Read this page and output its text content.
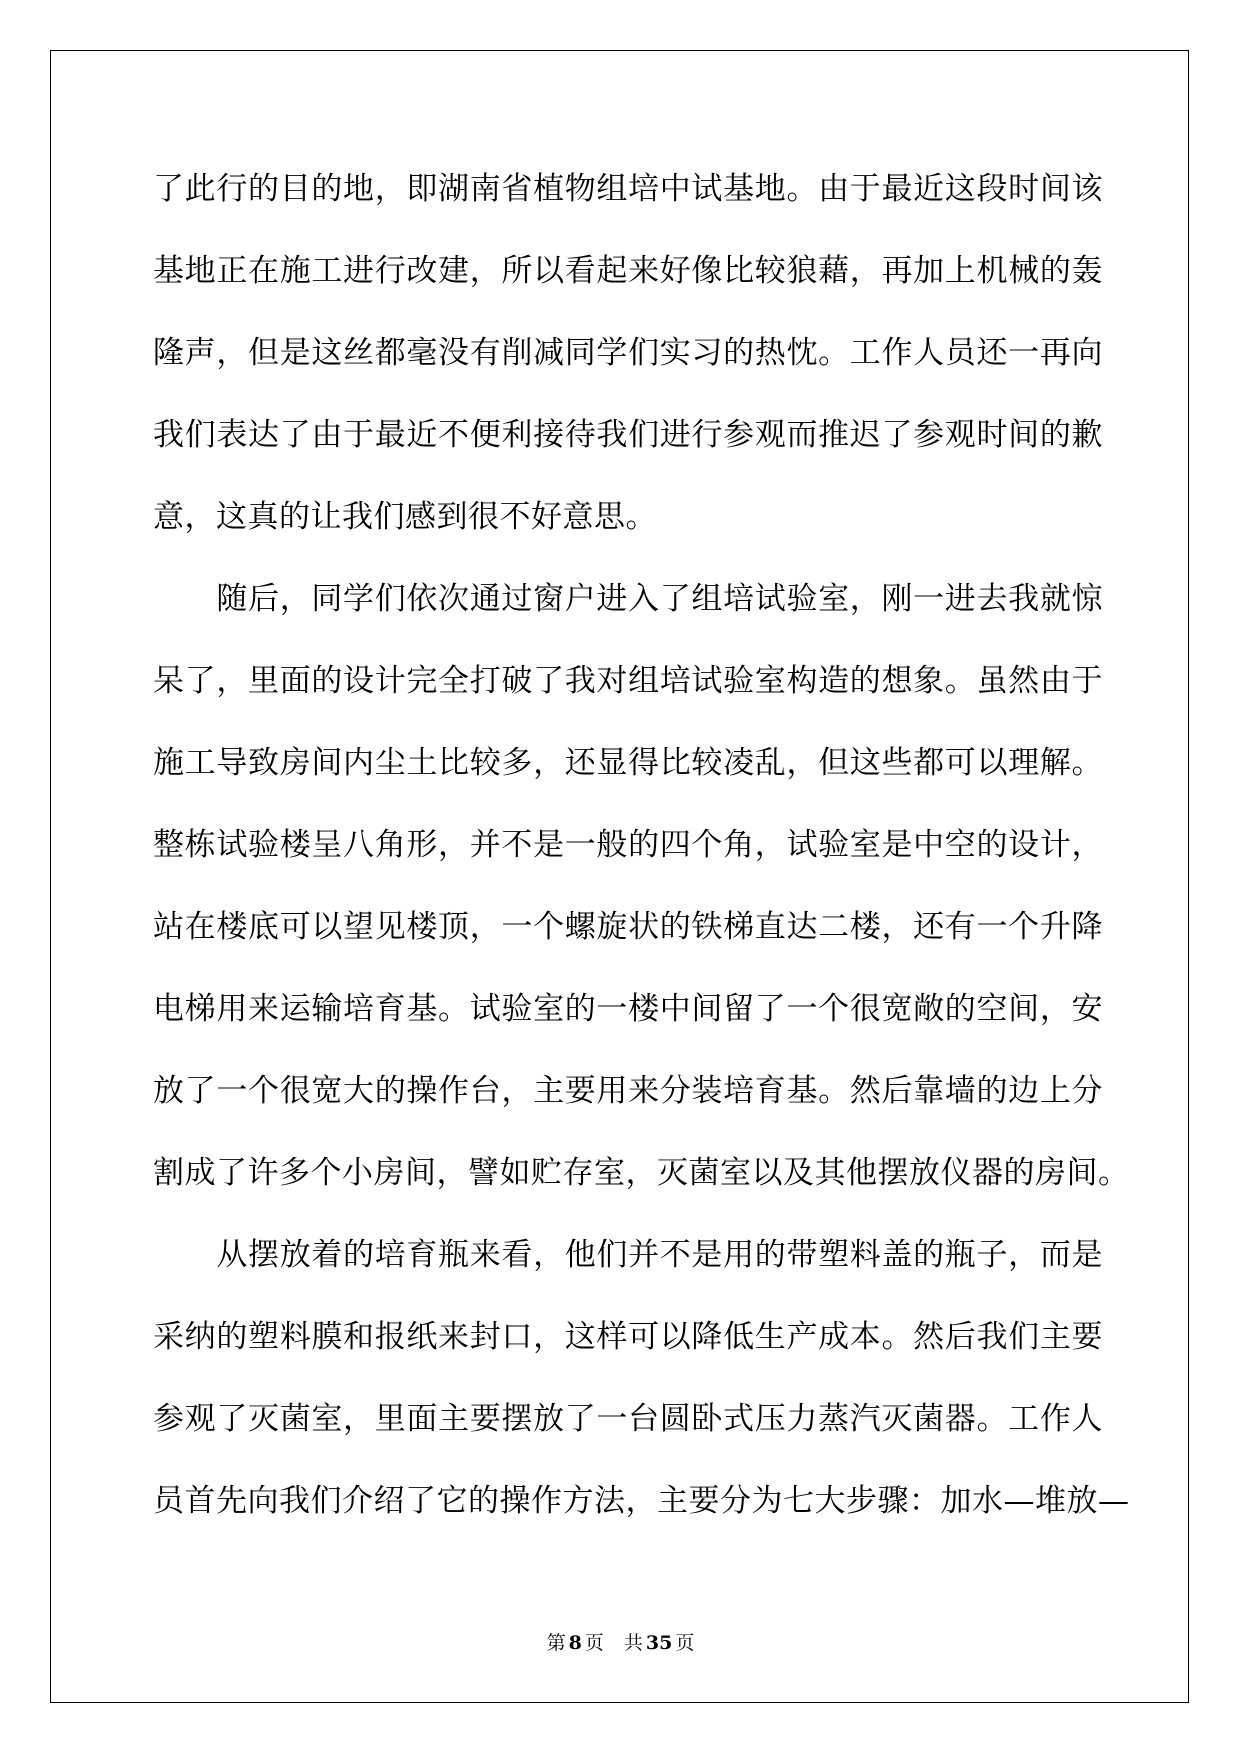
了 此 行 的 目 的 地 ， 即 湖 南 省 植 物 组 培 中 试 基 地 。 由 于 最 近 这 段 时 间 该
基 地 正 在 施 工 进 行 改 建 ， 所 以 看 起 来 好 像 比 较 狼 藉 ， 再 加 上 机 械 的 轰
隆 声 ， 但 是 这 丝 都 毫 没 有 削 减 同 学 们 实 习 的 热 忱 。 工 作 人 员 还 一 再 向
我 们 表 达 了 由 于 最 近 不 便 利 接 待 我 们 进 行 参 观 而 推 迟 了 参 观 时 间 的 歉
意，这真的让我们感到很不好意思。

随 后 ， 同 学 们 依 次 通 过 窗 户 进 入 了 组 培 试 验 室 ， 刚 一 进 去 我 就 惊
呆 了 ， 里 面 的 设 计 完 全 打 破 了 我 对 组 培 试 验 室 构 造 的 想 象 。 虽 然 由 于
施 工 导 致 房 间 内 尘 土 比 较 多 ， 还 显 得 比 较 凌 乱 ， 但 这 些 都 可 以 理 解 。
整 栋 试 验 楼 呈 八 角 形 ， 并 不 是 一 般 的 四 个 角 ， 试 验 室 是 中 空 的 设 计 ，
站 在 楼 底 可 以 望 见 楼 顶 ， 一 个 螺 旋 状 的 铁 梯 直 达 二 楼 ， 还 有 一 个 升 降
电 梯 用 来 运 输 培 育 基 。 试 验 室 的 一 楼 中 间 留 了 一 个 很 宽 敞 的 空 间 ， 安
放 了 一 个 很 宽 大 的 操 作 台 ， 主 要 用 来 分 装 培 育 基 。 然 后 靠 墙 的 边 上 分
割 成 了 许 多 个 小 房 间 ， 譬 如 贮 存 室 ， 灭 菌 室 以 及 其 他 摆 放 仪 器 的 房 间 。

从 摆 放 着 的 培 育 瓶 来 看 ， 他 们 并 不 是 用 的 带 塑 料 盖 的 瓶 子 ， 而 是
采 纳 的 塑 料 膜 和 报 纸 来 封 口 ， 这 样 可 以 降 低 生 产 成 本 。 然 后 我 们 主 要
参 观 了 灭 菌 室 ， 里 面 主 要 摆 放 了 一 台 圆 卧 式 压 力 蒸 汽 灭 菌 器 。 工 作 人
员 首 先 向 我 们 介 绍 了 它 的 操 作 方 法 ， 主 要 分 为 七 大 步 骤 ： 加 水 — 堆 放 —
第 8 页 共 35 页
